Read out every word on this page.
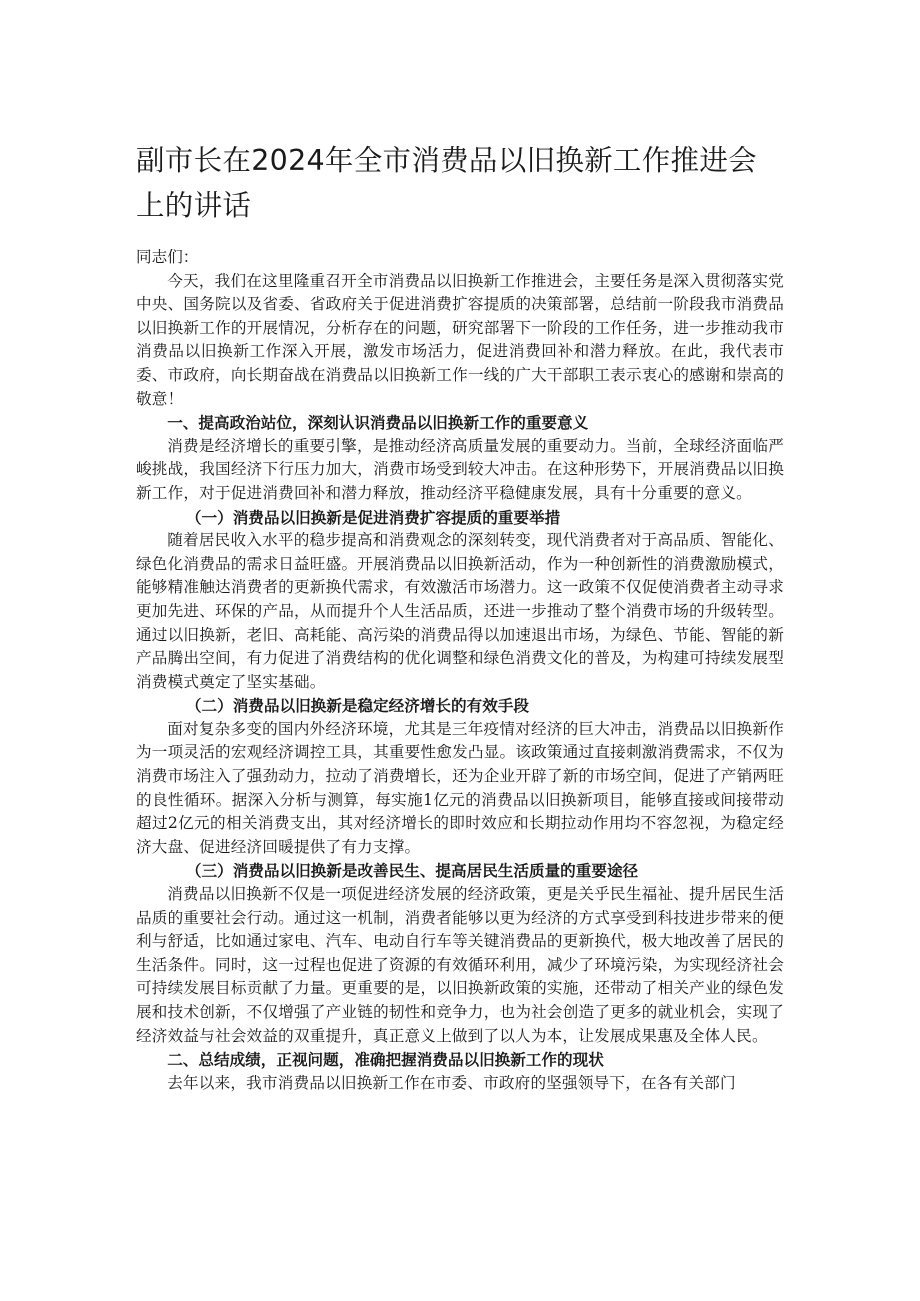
副市长在2024年全市消费品以旧换新工作推进会上的讲话

同志们：

今天，我们在这里隆重召开全市消费品以旧换新工作推进会，主要任务是深入贯彻落实党中央、国务院以及省委、省政府关于促进消费扩容提质的决策部署，总结前一阶段我市消费品以旧换新工作的开展情况，分析存在的问题，研究部署下一阶段的工作任务，进一步推动我市消费品以旧换新工作深入开展，激发市场活力，促进消费回补和潜力释放。在此，我代表市委、市政府，向长期奋战在消费品以旧换新工作一线的广大干部职工表示衷心的感谢和崇高的敬意！

一、提高政治站位，深刻认识消费品以旧换新工作的重要意义

消费是经济增长的重要引擎，是推动经济高质量发展的重要动力。当前，全球经济面临严峻挑战，我国经济下行压力加大，消费市场受到较大冲击。在这种形势下，开展消费品以旧换新工作，对于促进消费回补和潜力释放，推动经济平稳健康发展，具有十分重要的意义。

（一）消费品以旧换新是促进消费扩容提质的重要举措

随着居民收入水平的稳步提高和消费观念的深刻转变，现代消费者对于高品质、智能化、绿色化消费品的需求日益旺盛。开展消费品以旧换新活动，作为一种创新性的消费激励模式，能够精准触达消费者的更新换代需求，有效激活市场潜力。这一政策不仅促使消费者主动寻求更加先进、环保的产品，从而提升个人生活品质，还进一步推动了整个消费市场的升级转型。通过以旧换新，老旧、高耗能、高污染的消费品得以加速退出市场，为绿色、节能、智能的新产品腾出空间，有力促进了消费结构的优化调整和绿色消费文化的普及，为构建可持续发展型消费模式奠定了坚实基础。

（二）消费品以旧换新是稳定经济增长的有效手段

面对复杂多变的国内外经济环境，尤其是三年疫情对经济的巨大冲击，消费品以旧换新作为一项灵活的宏观经济调控工具，其重要性愈发凸显。该政策通过直接刺激消费需求，不仅为消费市场注入了强劲动力，拉动了消费增长，还为企业开辟了新的市场空间，促进了产销两旺的良性循环。据深入分析与测算，每实施1亿元的消费品以旧换新项目，能够直接或间接带动超过2亿元的相关消费支出，其对经济增长的即时效应和长期拉动作用均不容忽视，为稳定经济大盘、促进经济回暖提供了有力支撑。

（三）消费品以旧换新是改善民生、提高居民生活质量的重要途径

消费品以旧换新不仅是一项促进经济发展的经济政策，更是关乎民生福祉、提升居民生活品质的重要社会行动。通过这一机制，消费者能够以更为经济的方式享受到科技进步带来的便利与舒适，比如通过家电、汽车、电动自行车等关键消费品的更新换代，极大地改善了居民的生活条件。同时，这一过程也促进了资源的有效循环利用，减少了环境污染，为实现经济社会可持续发展目标贡献了力量。更重要的是，以旧换新政策的实施，还带动了相关产业的绿色发展和技术创新，不仅增强了产业链的韧性和竞争力，也为社会创造了更多的就业机会，实现了经济效益与社会效益的双重提升，真正意义上做到了以人为本，让发展成果惠及全体人民。

二、总结成绩，正视问题，准确把握消费品以旧换新工作的现状

去年以来，我市消费品以旧换新工作在市委、市政府的坚强领导下，在各有关部门
